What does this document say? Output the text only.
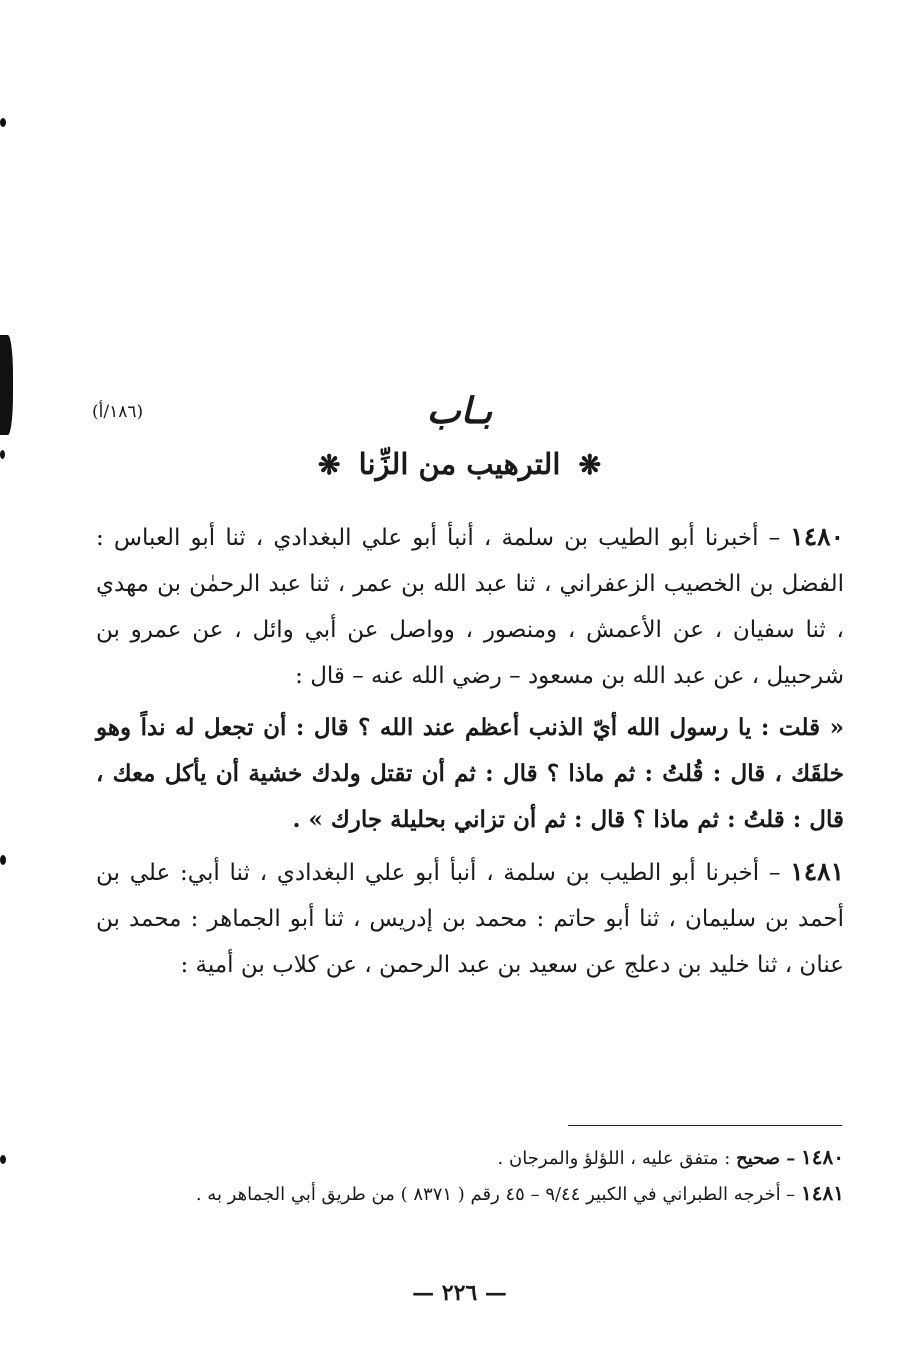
(١٨٦/أ)	بـاب
❋ الترهيب من الزِّنا ❋

١٤٨٠ – أخبرنا أبو الطيب بن سلمة ، أنبأ أبو علي البغدادي ، ثنا أبو العباس : الفضل بن الخصيب الزعفراني ، ثنا عبد الله بن عمر ، ثنا عبد الرحمٰن بن مهدي ، ثنا سفيان ، عن الأعمش ، ومنصور ، وواصل عن أبي وائل ، عن عمرو بن شرحبيل ، عن عبد الله بن مسعود – رضي الله عنه – قال :

« قلت : يا رسول الله أيّ الذنب أعظم عند الله ؟ قال : أن تجعل له نداً وهو خلقَك ، قال : قُلتُ : ثم ماذا ؟ قال : ثم أن تقتل ولدك خشية أن يأكل معك ، قال : قلتُ : ثم ماذا ؟ قال : ثم أن تزاني بحليلة جارك » .

١٤٨١ – أخبرنا أبو الطيب بن سلمة ، أنبأ أبو علي البغدادي ، ثنا أبي: علي بن أحمد بن سليمان ، ثنا أبو حاتم : محمد بن إدريس ، ثنا أبو الجماهر : محمد بن عنان ، ثنا خليد بن دعلج عن سعيد بن عبد الرحمن ، عن كلاب بن أمية :

١٤٨٠ – صحيح : متفق عليه ، اللؤلؤ والمرجان .

١٤٨١ – أخرجه الطبراني في الكبير ٩/٤٤ – ٤٥ رقم ( ٨٣٧١ ) من طريق أبي الجماهر به .

— ٢٢٦ —
